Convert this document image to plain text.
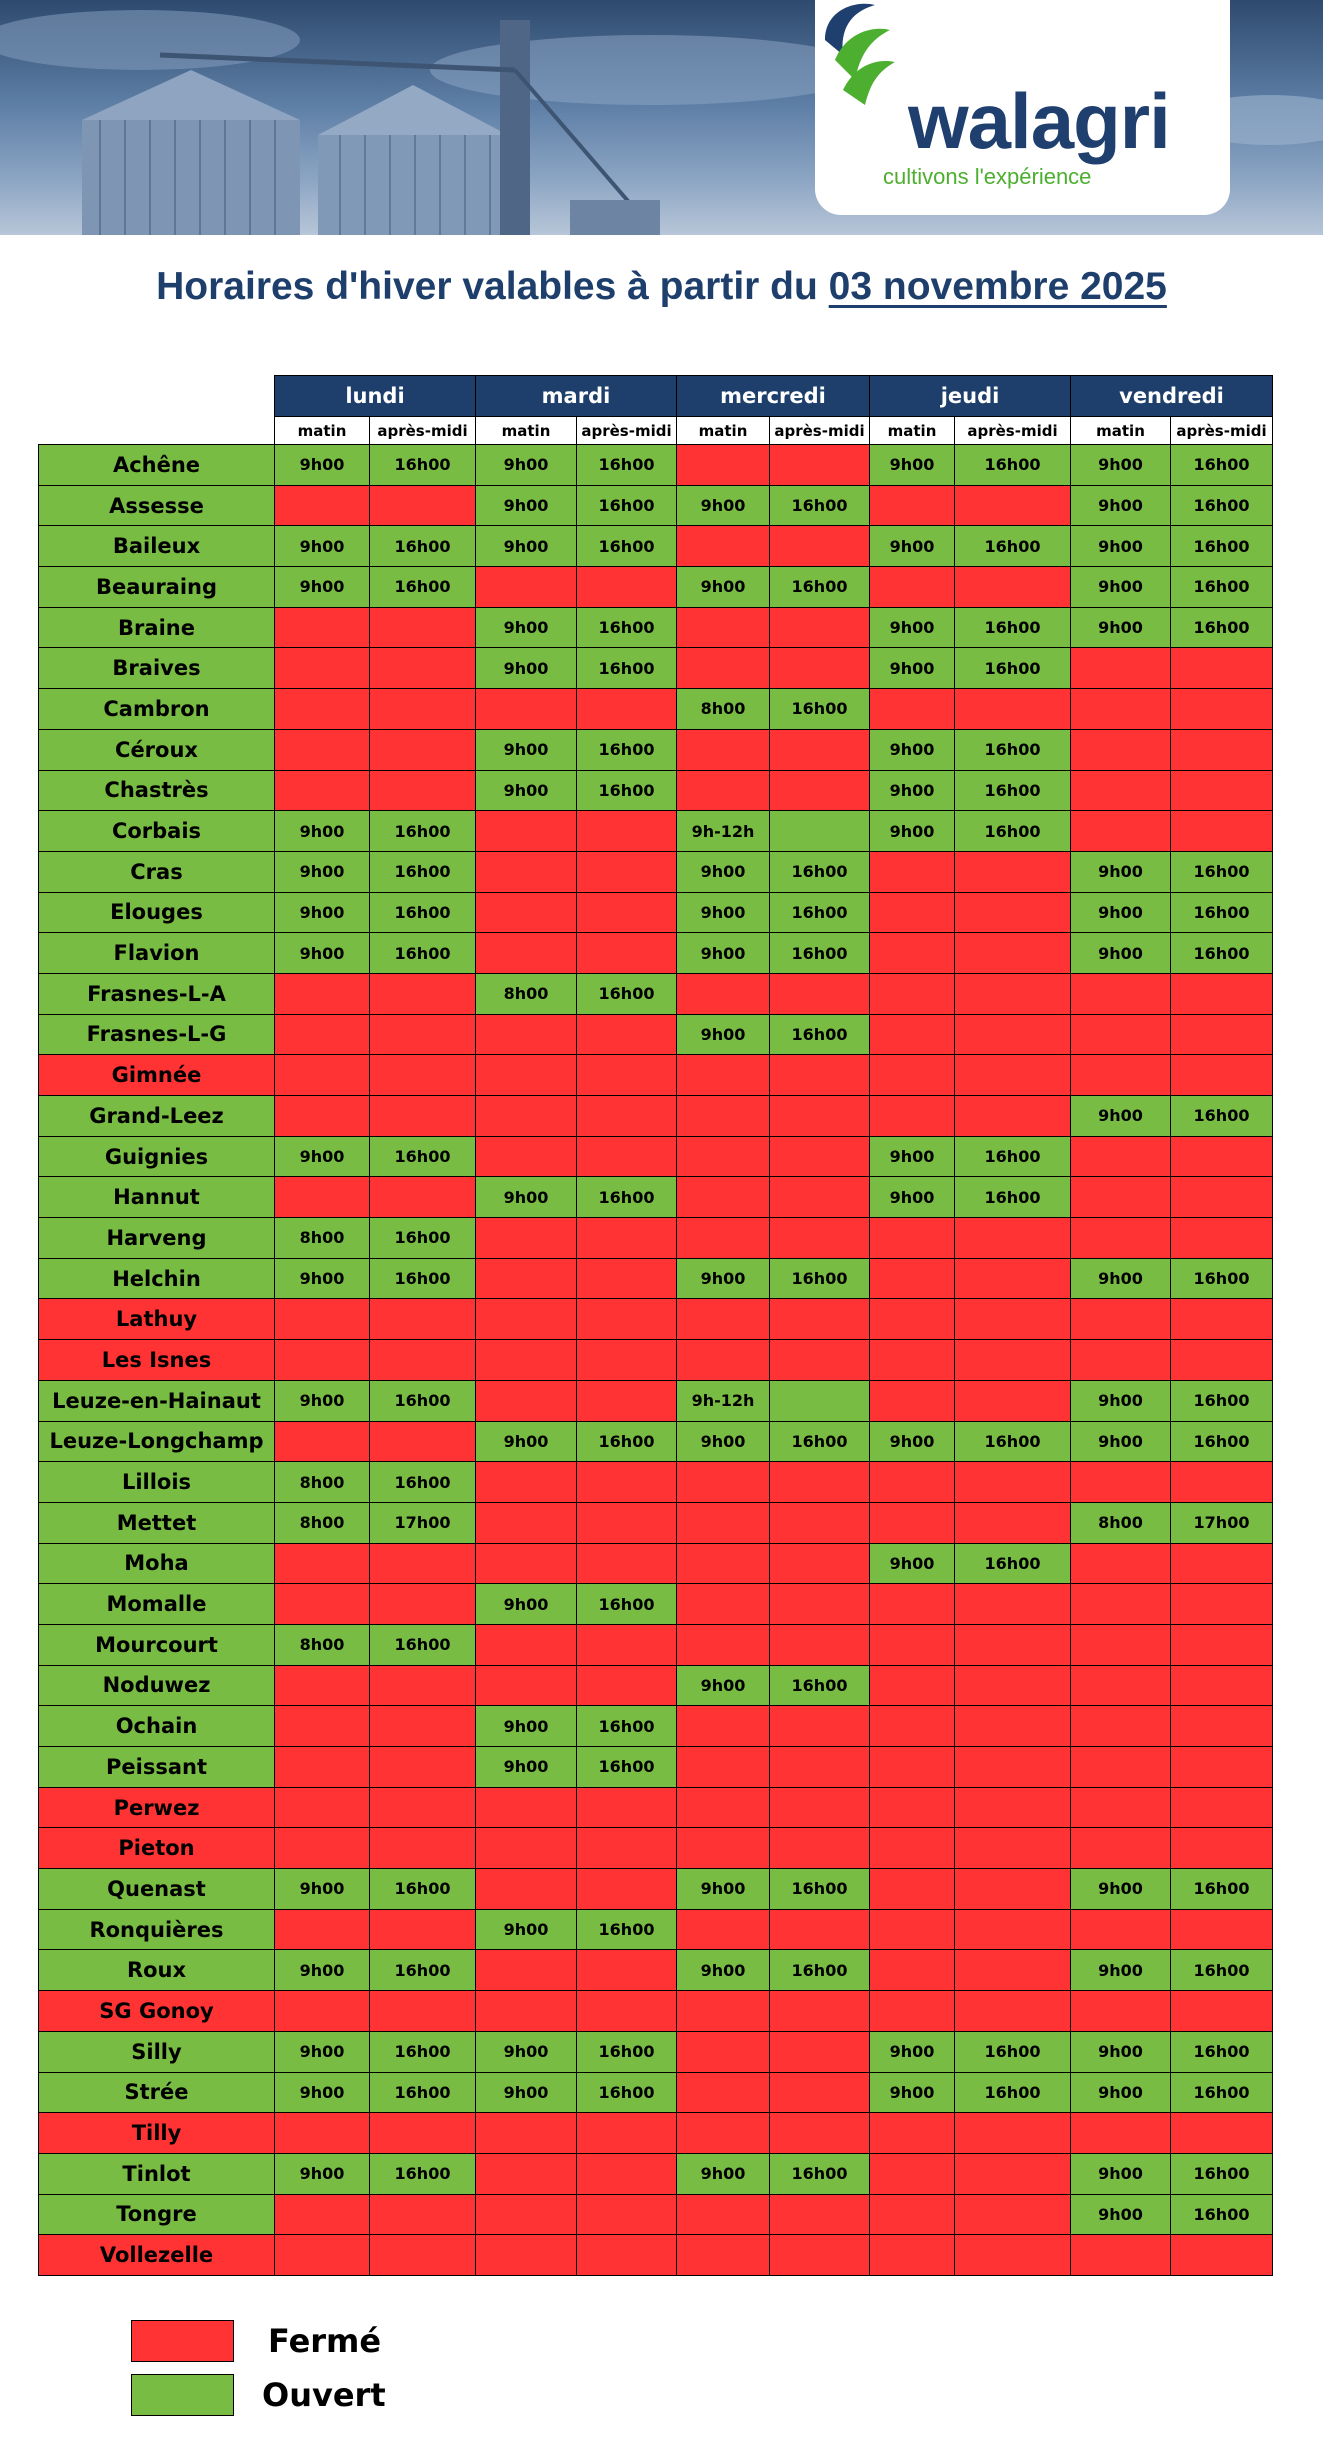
walagri
cultivons l'expérience
Horaires d'hiver valables à partir du 03 novembre 2025
	lundi		mardi		mercredi		jeudi		vendredi	
	matin	après-midi	matin	après-midi	matin	après-midi	matin	après-midi	matin	après-midi
Achêne	9h00	16h00	9h00	16h00			9h00	16h00	9h00	16h00
Assesse			9h00	16h00	9h00	16h00			9h00	16h00
Baileux	9h00	16h00	9h00	16h00			9h00	16h00	9h00	16h00
Beauraing	9h00	16h00			9h00	16h00			9h00	16h00
Braine			9h00	16h00			9h00	16h00	9h00	16h00
Braives			9h00	16h00			9h00	16h00		
Cambron					8h00	16h00				
Céroux			9h00	16h00			9h00	16h00		
Chastrès			9h00	16h00			9h00	16h00		
Corbais	9h00	16h00			9h-12h		9h00	16h00		
Cras	9h00	16h00			9h00	16h00			9h00	16h00
Elouges	9h00	16h00			9h00	16h00			9h00	16h00
Flavion	9h00	16h00			9h00	16h00			9h00	16h00
Frasnes-L-A			8h00	16h00						
Frasnes-L-G					9h00	16h00				
Gimnée										
Grand-Leez									9h00	16h00
Guignies	9h00	16h00					9h00	16h00		
Hannut			9h00	16h00			9h00	16h00		
Harveng	8h00	16h00								
Helchin	9h00	16h00			9h00	16h00			9h00	16h00
Lathuy										
Les Isnes										
Leuze-en-Hainaut	9h00	16h00			9h-12h				9h00	16h00
Leuze-Longchamp			9h00	16h00	9h00	16h00	9h00	16h00	9h00	16h00
Lillois	8h00	16h00								
Mettet	8h00	17h00							8h00	17h00
Moha							9h00	16h00		
Momalle			9h00	16h00						
Mourcourt	8h00	16h00								
Noduwez					9h00	16h00				
Ochain			9h00	16h00						
Peissant			9h00	16h00						
Perwez										
Pieton										
Quenast	9h00	16h00			9h00	16h00			9h00	16h00
Ronquières			9h00	16h00						
Roux	9h00	16h00			9h00	16h00			9h00	16h00
SG Gonoy										
Silly	9h00	16h00	9h00	16h00			9h00	16h00	9h00	16h00
Strée	9h00	16h00	9h00	16h00			9h00	16h00	9h00	16h00
Tilly										
Tinlot	9h00	16h00			9h00	16h00			9h00	16h00
Tongre									9h00	16h00
Vollezelle										
Fermé
Ouvert
